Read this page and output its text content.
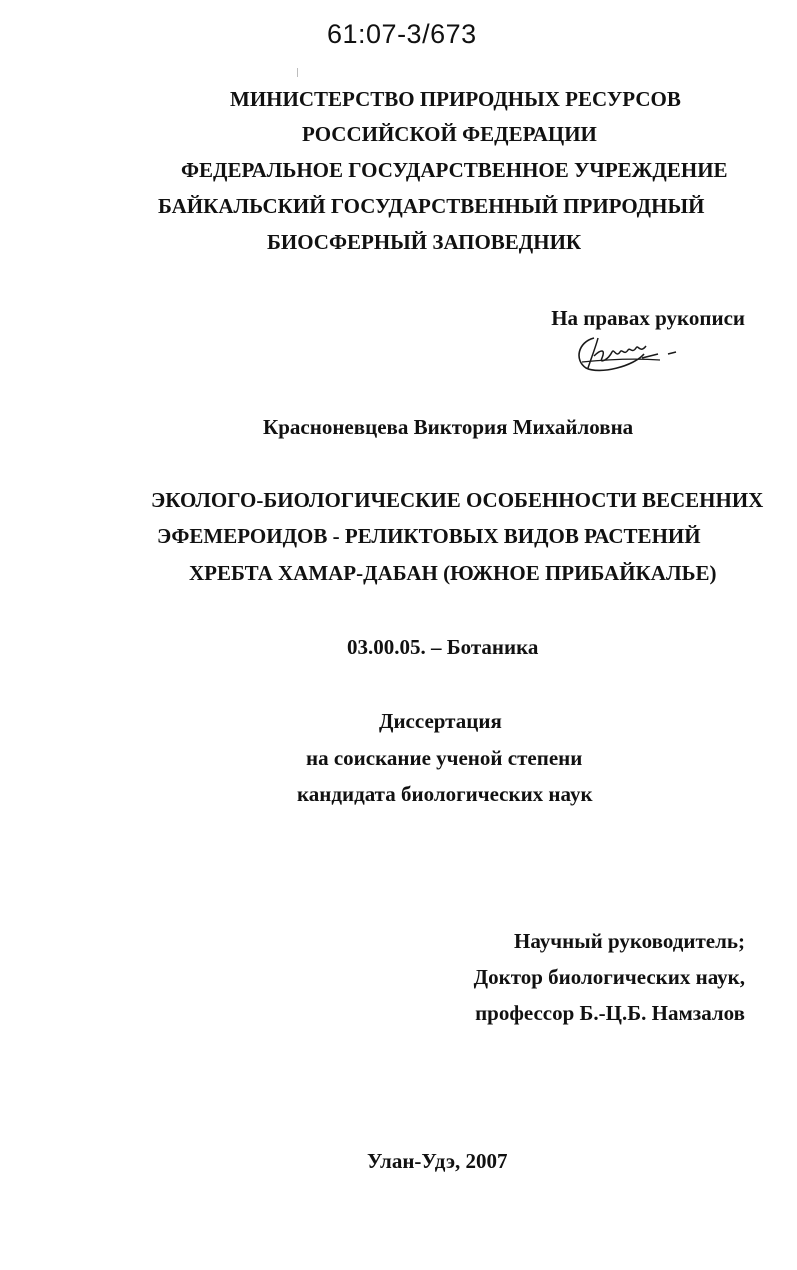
61:07-3/673
МИНИСТЕРСТВО ПРИРОДНЫХ РЕСУРСОВ
РОССИЙСКОЙ ФЕДЕРАЦИИ
ФЕДЕРАЛЬНОЕ ГОСУДАРСТВЕННОЕ УЧРЕЖДЕНИЕ
БАЙКАЛЬСКИЙ ГОСУДАРСТВЕННЫЙ ПРИРОДНЫЙ
БИОСФЕРНЫЙ ЗАПОВЕДНИК
На правах рукописи
Красноневцева Виктория Михайловна
ЭКОЛОГО-БИОЛОГИЧЕСКИЕ ОСОБЕННОСТИ ВЕСЕННИХ
ЭФЕМЕРОИДОВ - РЕЛИКТОВЫХ ВИДОВ РАСТЕНИЙ
ХРЕБТА ХАМАР-ДАБАН (ЮЖНОЕ ПРИБАЙКАЛЬЕ)
03.00.05. – Ботаника
Диссертация
на соискание ученой степени
кандидата биологических наук
Научный руководитель;
Доктор биологических наук,
профессор Б.-Ц.Б. Намзалов
Улан-Удэ, 2007
